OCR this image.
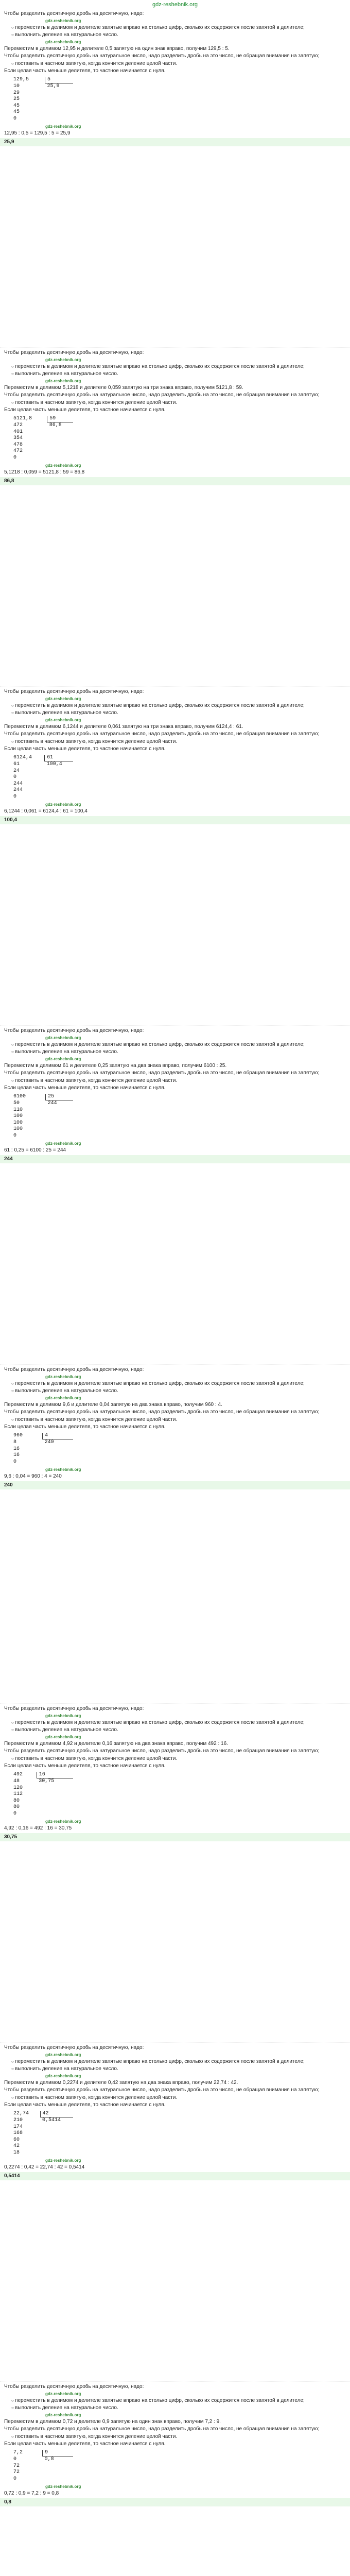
gdz-reshebnik.org
Чтобы разделить десятичную дробь на десятичную, надо:
gdz-reshebnik.org
○ переместить в делимом и делителе запятые вправо на столько цифр, сколько их содержится после запятой в делителе;
○ выполнить деление на натуральное число.
gdz-reshebnik.org
Переместим в делимом 12,95 и делителе 0,5 запятую на один знак вправо, получим 129,5 : 5.
Чтобы разделить десятичную дробь на натуральное число, надо разделить дробь на это число, не обращая внимания на запятую;
○ поставить в частном запятую, когда кончится деление целой части.
Если целая часть меньше делителя, то частное начинается с нуля.
129,5	5
10	25,9
29	
25	
45	
45	
0	
gdz-reshebnik.org
12,95 : 0,5 = 129,5 : 5 = 25,9
25,9
Чтобы разделить десятичную дробь на десятичную, надо:
gdz-reshebnik.org
○ переместить в делимом и делителе запятые вправо на столько цифр, сколько их содержится после запятой в делителе;
○ выполнить деление на натуральное число.
gdz-reshebnik.org
Переместим в делимом 5,1218 и делителе 0,059 запятую на три знака вправо, получим 5121,8 : 59.
Чтобы разделить десятичную дробь на натуральное число, надо разделить дробь на это число, не обращая внимания на запятую;
○ поставить в частном запятую, когда кончится деление целой части.
Если целая часть меньше делителя, то частное начинается с нуля.
5121,8	59
472	86,8
401	
354	
478	
472	
0	
gdz-reshebnik.org
5,1218 : 0,059 = 5121,8 : 59 = 86,8
86,8
Чтобы разделить десятичную дробь на десятичную, надо:
gdz-reshebnik.org
○ переместить в делимом и делителе запятые вправо на столько цифр, сколько их содержится после запятой в делителе;
○ выполнить деление на натуральное число.
gdz-reshebnik.org
Переместим в делимом 6,1244 и делителе 0,061 запятую на три знака вправо, получим 6124,4 : 61.
Чтобы разделить десятичную дробь на натуральное число, надо разделить дробь на это число, не обращая внимания на запятую;
○ поставить в частном запятую, когда кончится деление целой части.
Если целая часть меньше делителя, то частное начинается с нуля.
6124,4	61
61	100,4
24	
0	
244	
244	
0	
gdz-reshebnik.org
6,1244 : 0,061 = 6124,4 : 61 = 100,4
100,4
Чтобы разделить десятичную дробь на десятичную, надо:
gdz-reshebnik.org
○ переместить в делимом и делителе запятые вправо на столько цифр, сколько их содержится после запятой в делителе;
○ выполнить деление на натуральное число.
gdz-reshebnik.org
Переместим в делимом 61 и делителе 0,25 запятую на два знака вправо, получим 6100 : 25.
Чтобы разделить десятичную дробь на натуральное число, надо разделить дробь на это число, не обращая внимания на запятую;
○ поставить в частном запятую, когда кончится деление целой части.
Если целая часть меньше делителя, то частное начинается с нуля.
6100	25
50	244
110	
100	
100	
100	
0	
gdz-reshebnik.org
61 : 0,25 = 6100 : 25 = 244
244
Чтобы разделить десятичную дробь на десятичную, надо:
gdz-reshebnik.org
○ переместить в делимом и делителе запятые вправо на столько цифр, сколько их содержится после запятой в делителе;
○ выполнить деление на натуральное число.
gdz-reshebnik.org
Переместим в делимом 9,6 и делителе 0,04 запятую на два знака вправо, получим 960 : 4.
Чтобы разделить десятичную дробь на натуральное число, надо разделить дробь на это число, не обращая внимания на запятую;
○ поставить в частном запятую, когда кончится деление целой части.
Если целая часть меньше делителя, то частное начинается с нуля.
960	4
8	240
16	
16	
0	
gdz-reshebnik.org
9,6 : 0,04 = 960 : 4 = 240
240
Чтобы разделить десятичную дробь на десятичную, надо:
gdz-reshebnik.org
○ переместить в делимом и делителе запятые вправо на столько цифр, сколько их содержится после запятой в делителе;
○ выполнить деление на натуральное число.
gdz-reshebnik.org
Переместим в делимом 4,92 и делителе 0,16 запятую на два знака вправо, получим 492 : 16.
Чтобы разделить десятичную дробь на натуральное число, надо разделить дробь на это число, не обращая внимания на запятую;
○ поставить в частном запятую, когда кончится деление целой части.
Если целая часть меньше делителя, то частное начинается с нуля.
492	16
48	30,75
120	
112	
80	
80	
0	
gdz-reshebnik.org
4,92 : 0,16 = 492 : 16 = 30,75
30,75
Чтобы разделить десятичную дробь на десятичную, надо:
gdz-reshebnik.org
○ переместить в делимом и делителе запятые вправо на столько цифр, сколько их содержится после запятой в делителе;
○ выполнить деление на натуральное число.
gdz-reshebnik.org
Переместим в делимом 0,2274 и делителе 0,42 запятую на два знака вправо, получим 22,74 : 42.
Чтобы разделить десятичную дробь на натуральное число, надо разделить дробь на это число, не обращая внимания на запятую;
○ поставить в частном запятую, когда кончится деление целой части.
Если целая часть меньше делителя, то частное начинается с нуля.
22,74	42
210	0,5414
174	
168	
60	
42	
18	
gdz-reshebnik.org
0,2274 : 0,42 = 22,74 : 42 = 0,5414
0,5414
Чтобы разделить десятичную дробь на десятичную, надо:
gdz-reshebnik.org
○ переместить в делимом и делителе запятые вправо на столько цифр, сколько их содержится после запятой в делителе;
○ выполнить деление на натуральное число.
gdz-reshebnik.org
Переместим в делимом 0,72 и делителе 0,9 запятую на один знак вправо, получим 7,2 : 9.
Чтобы разделить десятичную дробь на натуральное число, надо разделить дробь на это число, не обращая внимания на запятую;
○ поставить в частном запятую, когда кончится деление целой части.
Если целая часть меньше делителя, то частное начинается с нуля.
7,2	9
0	0,8
72	
72	
0	
gdz-reshebnik.org
0,72 : 0,9 = 7,2 : 9 = 0,8
0,8
